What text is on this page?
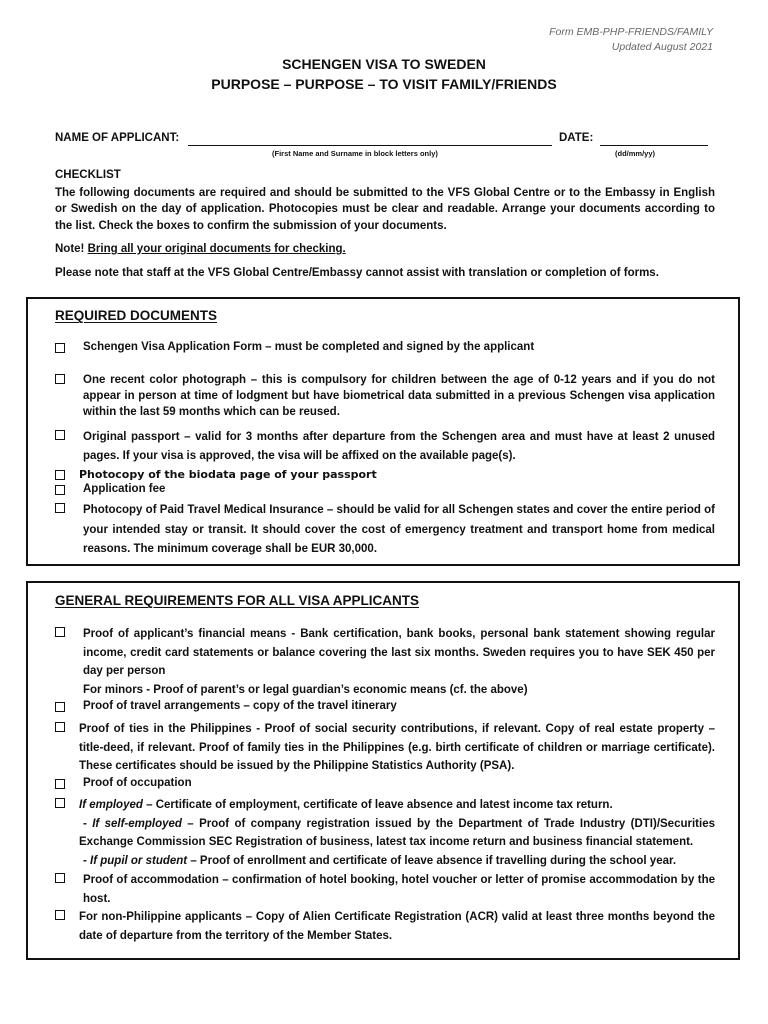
Form EMB-PHP-FRIENDS/FAMILY
Updated August 2021
SCHENGEN VISA TO SWEDEN
PURPOSE – PURPOSE – TO VISIT FAMILY/FRIENDS
NAME OF APPLICANT:
(First Name and Surname in block letters only)
DATE:
(dd/mm/yy)
CHECKLIST

The following documents are required and should be submitted to the VFS Global Centre or to the Embassy in English or Swedish on the day of application. Photocopies must be clear and readable. Arrange your documents according to the list. Check the boxes to confirm the submission of your documents.

Note! Bring all your original documents for checking.

Please note that staff at the VFS Global Centre/Embassy cannot assist with translation or completion of forms.

REQUIRED DOCUMENTS
Schengen Visa Application Form – must be completed and signed by the applicant
One recent color photograph – this is compulsory for children between the age of 0-12 years and if you do not appear in person at time of lodgment but have biometrical data submitted in a previous Schengen visa application within the last 59 months which can be reused.
Original passport – valid for 3 months after departure from the Schengen area and must have at least 2 unused pages. If your visa is approved, the visa will be affixed on the available page(s).
Photocopy of the biodata page of your passport
Application fee
Photocopy of Paid Travel Medical Insurance – should be valid for all Schengen states and cover the entire period of your intended stay or transit. It should cover the cost of emergency treatment and transport home from medical reasons. The minimum coverage shall be EUR 30,000.
GENERAL REQUIREMENTS FOR ALL VISA APPLICANTS
Proof of applicant’s financial means - Bank certification, bank books, personal bank statement showing regular income, credit card statements or balance covering the last six months. Sweden requires you to have SEK 450 per day per person
For minors - Proof of parent’s or legal guardian’s economic means (cf. the above)
Proof of travel arrangements – copy of the travel itinerary
Proof of ties in the Philippines - Proof of social security contributions, if relevant. Copy of real estate property – title-deed, if relevant. Proof of family ties in the Philippines (e.g. birth certificate of children or marriage certificate). These certificates should be issued by the Philippine Statistics Authority (PSA).
Proof of occupation
If employed – Certificate of employment, certificate of leave absence and latest income tax return.
- If self-employed – Proof of company registration issued by the Department of Trade Industry (DTI)/Securities Exchange Commission SEC Registration of business, latest tax income return and business financial statement.
- If pupil or student – Proof of enrollment and certificate of leave absence if travelling during the school year.
Proof of accommodation – confirmation of hotel booking, hotel voucher or letter of promise accommodation by the host.
For non-Philippine applicants – Copy of Alien Certificate Registration (ACR) valid at least three months beyond the date of departure from the territory of the Member States.
